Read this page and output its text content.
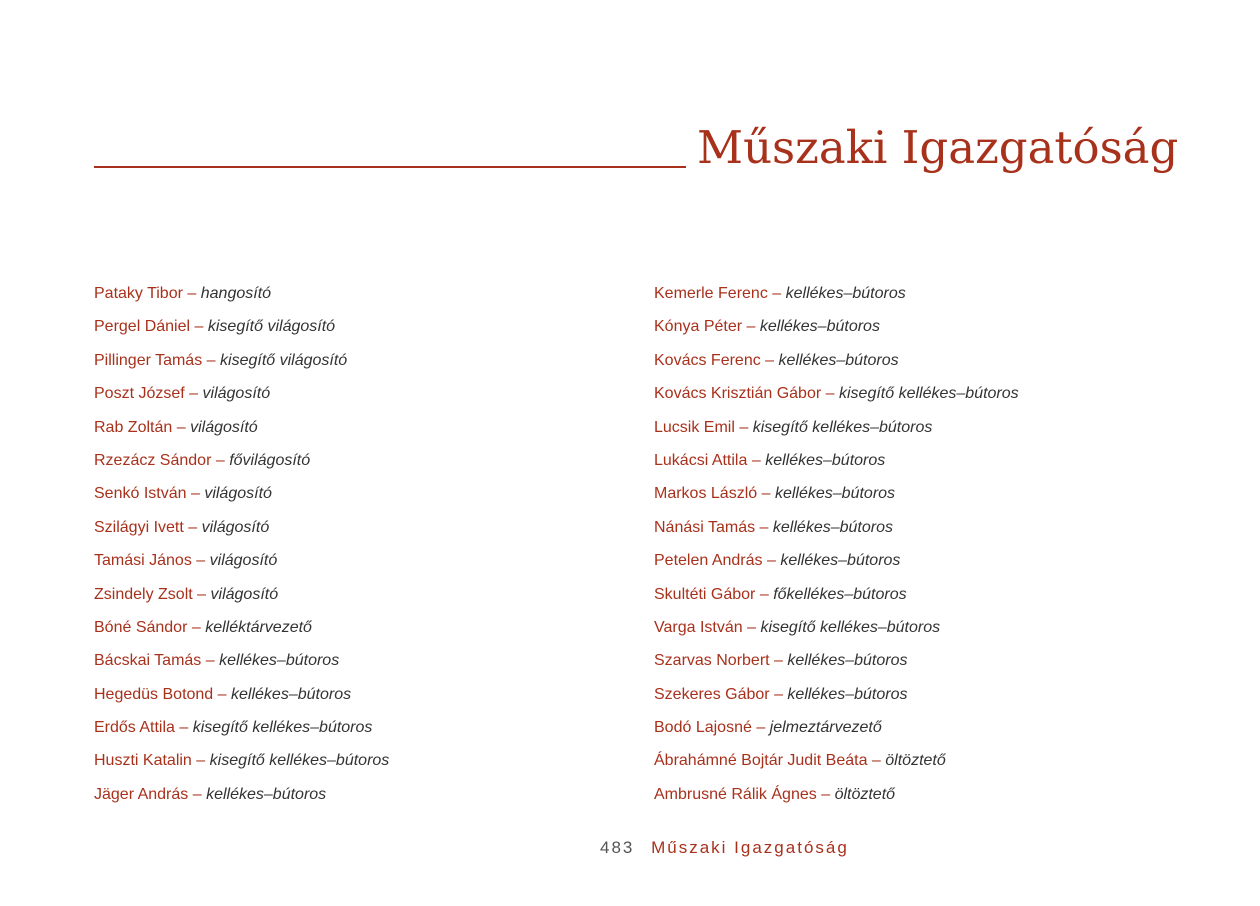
Műszaki Igazgatóság
Pataky Tibor – hangosító
Pergel Dániel – kisegítő világosító
Pillinger Tamás – kisegítő világosító
Poszt József – világosító
Rab Zoltán – világosító
Rzezácz Sándor – fővilágosító
Senkó István – világosító
Szilágyi Ivett – világosító
Tamási János – világosító
Zsindely Zsolt – világosító
Bóné Sándor – kelléktárvezető
Bácskai Tamás – kellékes–bútoros
Hegedüs Botond – kellékes–bútoros
Erdős Attila – kisegítő kellékes–bútoros
Huszti Katalin – kisegítő kellékes–bútoros
Jäger András – kellékes–bútoros
Kemerle Ferenc – kellékes–bútoros
Kónya Péter – kellékes–bútoros
Kovács Ferenc – kellékes–bútoros
Kovács Krisztián Gábor – kisegítő kellékes–bútoros
Lucsik Emil – kisegítő kellékes–bútoros
Lukácsi Attila – kellékes–bútoros
Markos László – kellékes–bútoros
Nánási Tamás – kellékes–bútoros
Petelen András – kellékes–bútoros
Skultéti Gábor – főkellékes–bútoros
Varga István – kisegítő kellékes–bútoros
Szarvas Norbert – kellékes–bútoros
Szekeres Gábor – kellékes–bútoros
Bodó Lajosné – jelmeztárvezető
Ábrahámné Bojtár Judit Beáta – öltöztető
Ambrusné Rálik Ágnes – öltöztető
483 Műszaki Igazgatóság
